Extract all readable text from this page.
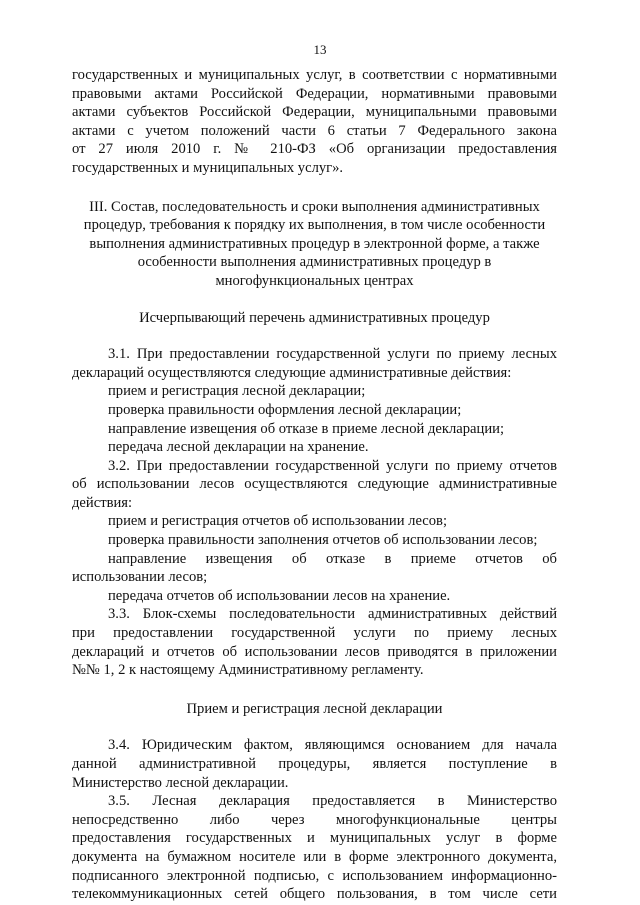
13
государственных и муниципальных услуг, в соответствии с нормативными
правовыми актами Российской Федерации, нормативными правовыми
актами субъектов Российской Федерации, муниципальными правовыми
актами с учетом положений части 6 статьи 7 Федерального закона
от 27 июля 2010 г. № 210-ФЗ «Об организации предоставления
государственных и муниципальных услуг».
III. Состав, последовательность и сроки выполнения административных
процедур, требования к порядку их выполнения, в том числе особенности
выполнения административных процедур в электронной форме, а также
особенности выполнения административных процедур в
многофункциональных центрах
Исчерпывающий перечень административных процедур
3.1. При предоставлении государственной услуги по приему лесных
деклараций осуществляются следующие административные действия:
прием и регистрация лесной декларации;
проверка правильности оформления лесной декларации;
направление извещения об отказе в приеме лесной декларации;
передача лесной декларации на хранение.
3.2. При предоставлении государственной услуги по приему отчетов
об использовании лесов осуществляются следующие административные
действия:
прием и регистрация отчетов об использовании лесов;
проверка правильности заполнения отчетов об использовании лесов;
направление извещения об отказе в приеме отчетов об
использовании лесов;
передача отчетов об использовании лесов на хранение.
3.3. Блок-схемы последовательности административных действий
при предоставлении государственной услуги по приему лесных
деклараций и отчетов об использовании лесов приводятся в приложении
№№ 1, 2 к настоящему Административному регламенту.
Прием и регистрация лесной декларации
3.4. Юридическим фактом, являющимся основанием для начала
данной административной процедуры, является поступление в
Министерство лесной декларации.
3.5. Лесная декларация предоставляется в Министерство
непосредственно либо через многофункциональные центры
предоставления государственных и муниципальных услуг в форме
документа на бумажном носителе или в форме электронного документа,
подписанного электронной подписью, с использованием информационно-
телекоммуникационных сетей общего пользования, в том числе сети
